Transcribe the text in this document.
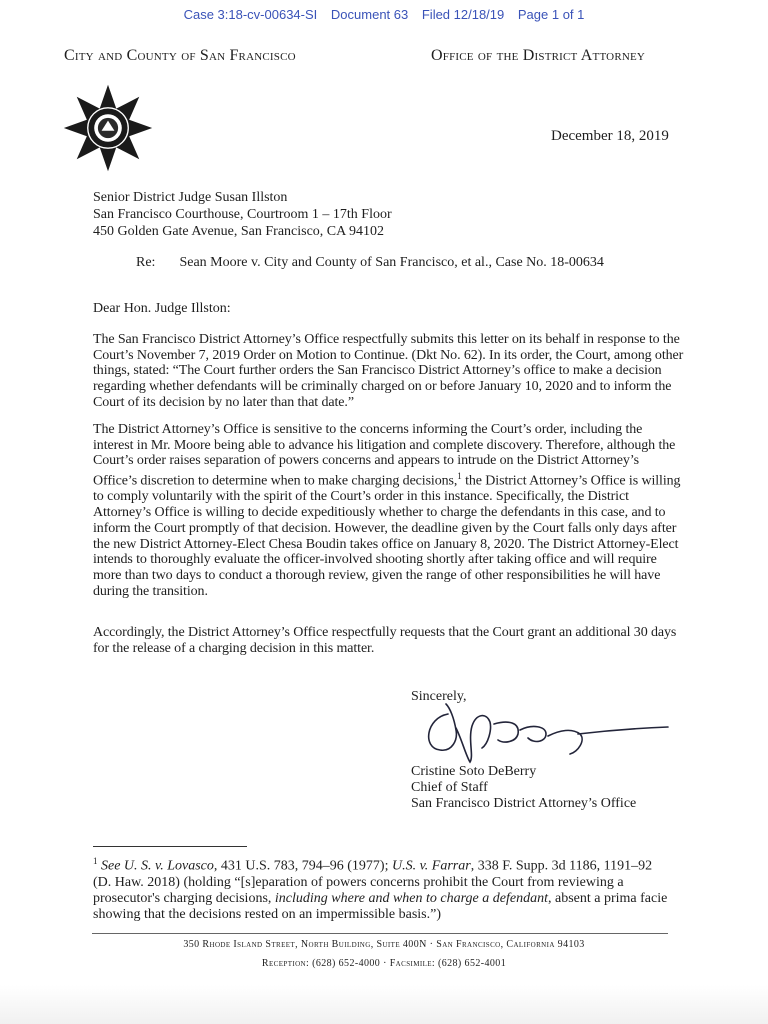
Case 3:18-cv-00634-SI Document 63 Filed 12/18/19 Page 1 of 1
City and County of San Francisco	Office of the District Attorney
December 18, 2019
Senior District Judge Susan Illston
San Francisco Courthouse, Courtroom 1 – 17th Floor
450 Golden Gate Avenue, San Francisco, CA 94102
Re: Sean Moore v. City and County of San Francisco, et al., Case No. 18-00634
Dear Hon. Judge Illston:

The San Francisco District Attorney’s Office respectfully submits this letter on its behalf in response to the Court’s November 7, 2019 Order on Motion to Continue. (Dkt No. 62). In its order, the Court, among other things, stated: “The Court further orders the San Francisco District Attorney’s office to make a decision regarding whether defendants will be criminally charged on or before January 10, 2020 and to inform the Court of its decision by no later than that date.”

The District Attorney’s Office is sensitive to the concerns informing the Court’s order, including the interest in Mr. Moore being able to advance his litigation and complete discovery. Therefore, although the Court’s order raises separation of powers concerns and appears to intrude on the District Attorney’s Office’s discretion to determine when to make charging decisions,$^1$ the District Attorney’s Office is willing to comply voluntarily with the spirit of the Court’s order in this instance. Specifically, the District Attorney’s Office is willing to decide expeditiously whether to charge the defendants in this case, and to inform the Court promptly of that decision. However, the deadline given by the Court falls only days after the new District Attorney-Elect Chesa Boudin takes office on January 8, 2020. The District Attorney-Elect intends to thoroughly evaluate the officer-involved shooting shortly after taking office and will require more than two days to conduct a thorough review, given the range of other responsibilities he will have during the transition.

Accordingly, the District Attorney’s Office respectfully requests that the Court grant an additional 30 days for the release of a charging decision in this matter.

Sincerely,
Cristine Soto DeBerry
Chief of Staff
San Francisco District Attorney’s Office
$^1$ See U. S. v. Lovasco, 431 U.S. 783, 794–96 (1977); U.S. v. Farrar, 338 F. Supp. 3d 1186, 1191–92 (D. Haw. 2018) (holding “[s]eparation of powers concerns prohibit the Court from reviewing a prosecutor's charging decisions, including where and when to charge a defendant, absent a prima facie showing that the decisions rested on an impermissible basis.”)
350 Rhode Island Street, North Building, Suite 400N · San Francisco, California 94103
Reception: (628) 652-4000 · Facsimile: (628) 652-4001
